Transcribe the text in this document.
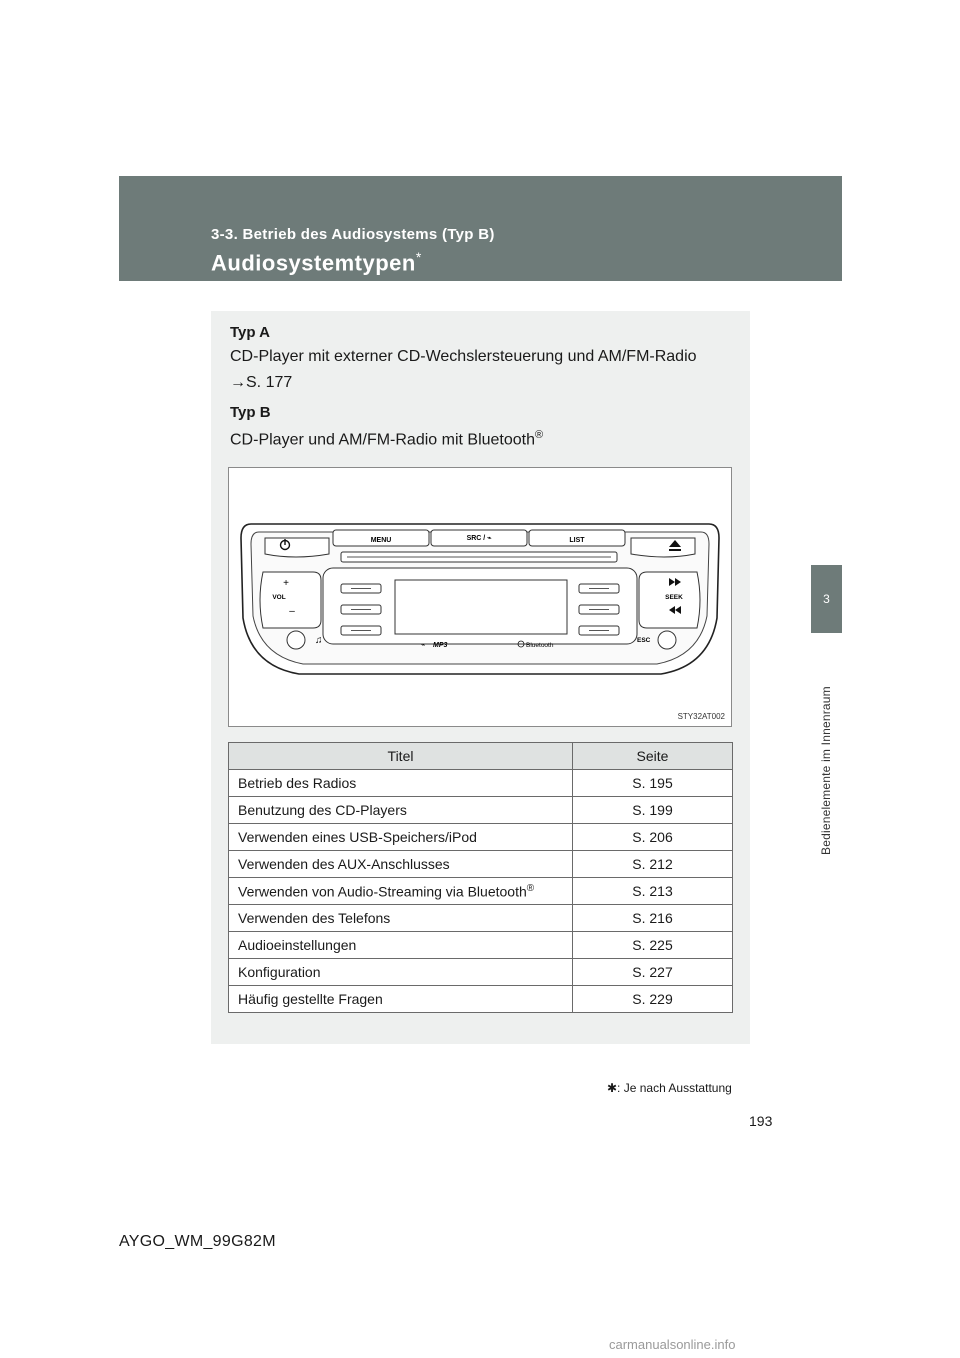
3-3. Betrieb des Audiosystems (Typ B)
Audiosystemtypen*
3
Bedienelemente im Innenraum
Typ A
CD-Player mit externer CD-Wechslersteuerung und AM/FM-Radio
→S. 177
Typ B
CD-Player und AM/FM-Radio mit Bluetooth®
MENU	SRC / ⌁	LIST
+
VOL
–
SEEK
♫	ESC
⌁ MP3	Bluetooth
STY32AT002
Titel	Seite
Betrieb des Radios	S. 195
Benutzung des CD-Players	S. 199
Verwenden eines USB-Speichers/iPod	S. 206
Verwenden des AUX-Anschlusses	S. 212
Verwenden von Audio-Streaming via Bluetooth®	S. 213
Verwenden des Telefons	S. 216
Audioeinstellungen	S. 225
Konfiguration	S. 227
Häufig gestellte Fragen	S. 229
✱: Je nach Ausstattung
193
AYGO_WM_99G82M
carmanualsonline.info
